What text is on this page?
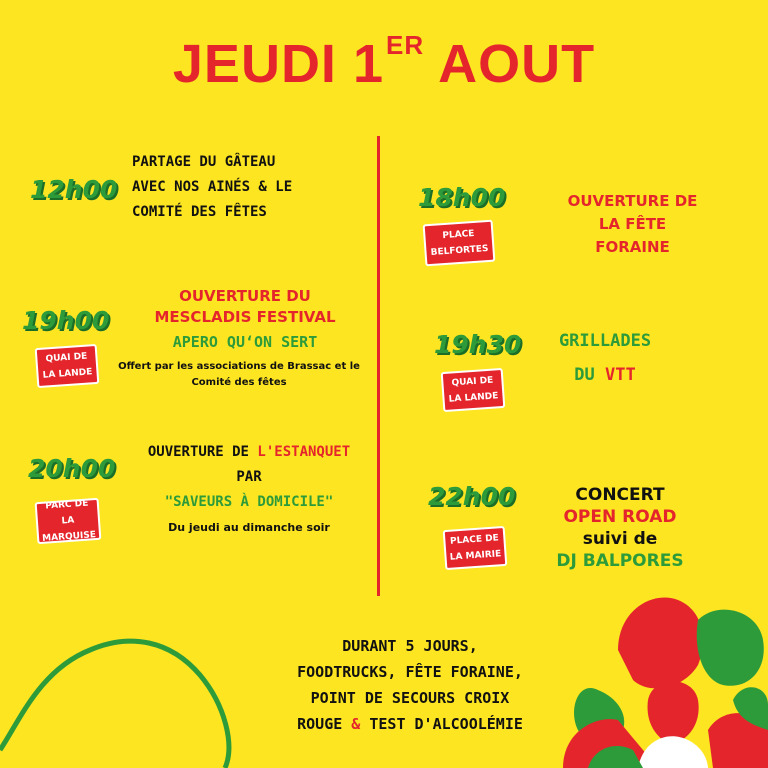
JEUDI 1ER AOUT
12h00
PARTAGE DU GÂTEAU
AVEC NOS AINÉS & LE
COMITÉ DES FÊTES
19h00
QUAI DE LA LANDE
OUVERTURE DU
MESCLADIS FESTIVAL
APERO QU‘ON SERT
Offert par les associations de Brassac et le
Comité des fêtes
20h00
PARC DE LA MARQUISE
OUVERTURE DE L'ESTANQUET
PAR
"SAVEURS À DOMICILE"
Du jeudi au dimanche soir
18h00
PLACE BELFORTES
OUVERTURE DE
LA FÊTE
FORAINE
19h30
QUAI DE LA LANDE
GRILLADES
DU VTT
22h00
PLACE DE LA MAIRIE
CONCERT
OPEN ROAD
suivi de
DJ BALPORES
DURANT 5 JOURS,
FOODTRUCKS, FÊTE FORAINE,
POINT DE SECOURS CROIX
ROUGE & TEST D'ALCOOLÉMIE
